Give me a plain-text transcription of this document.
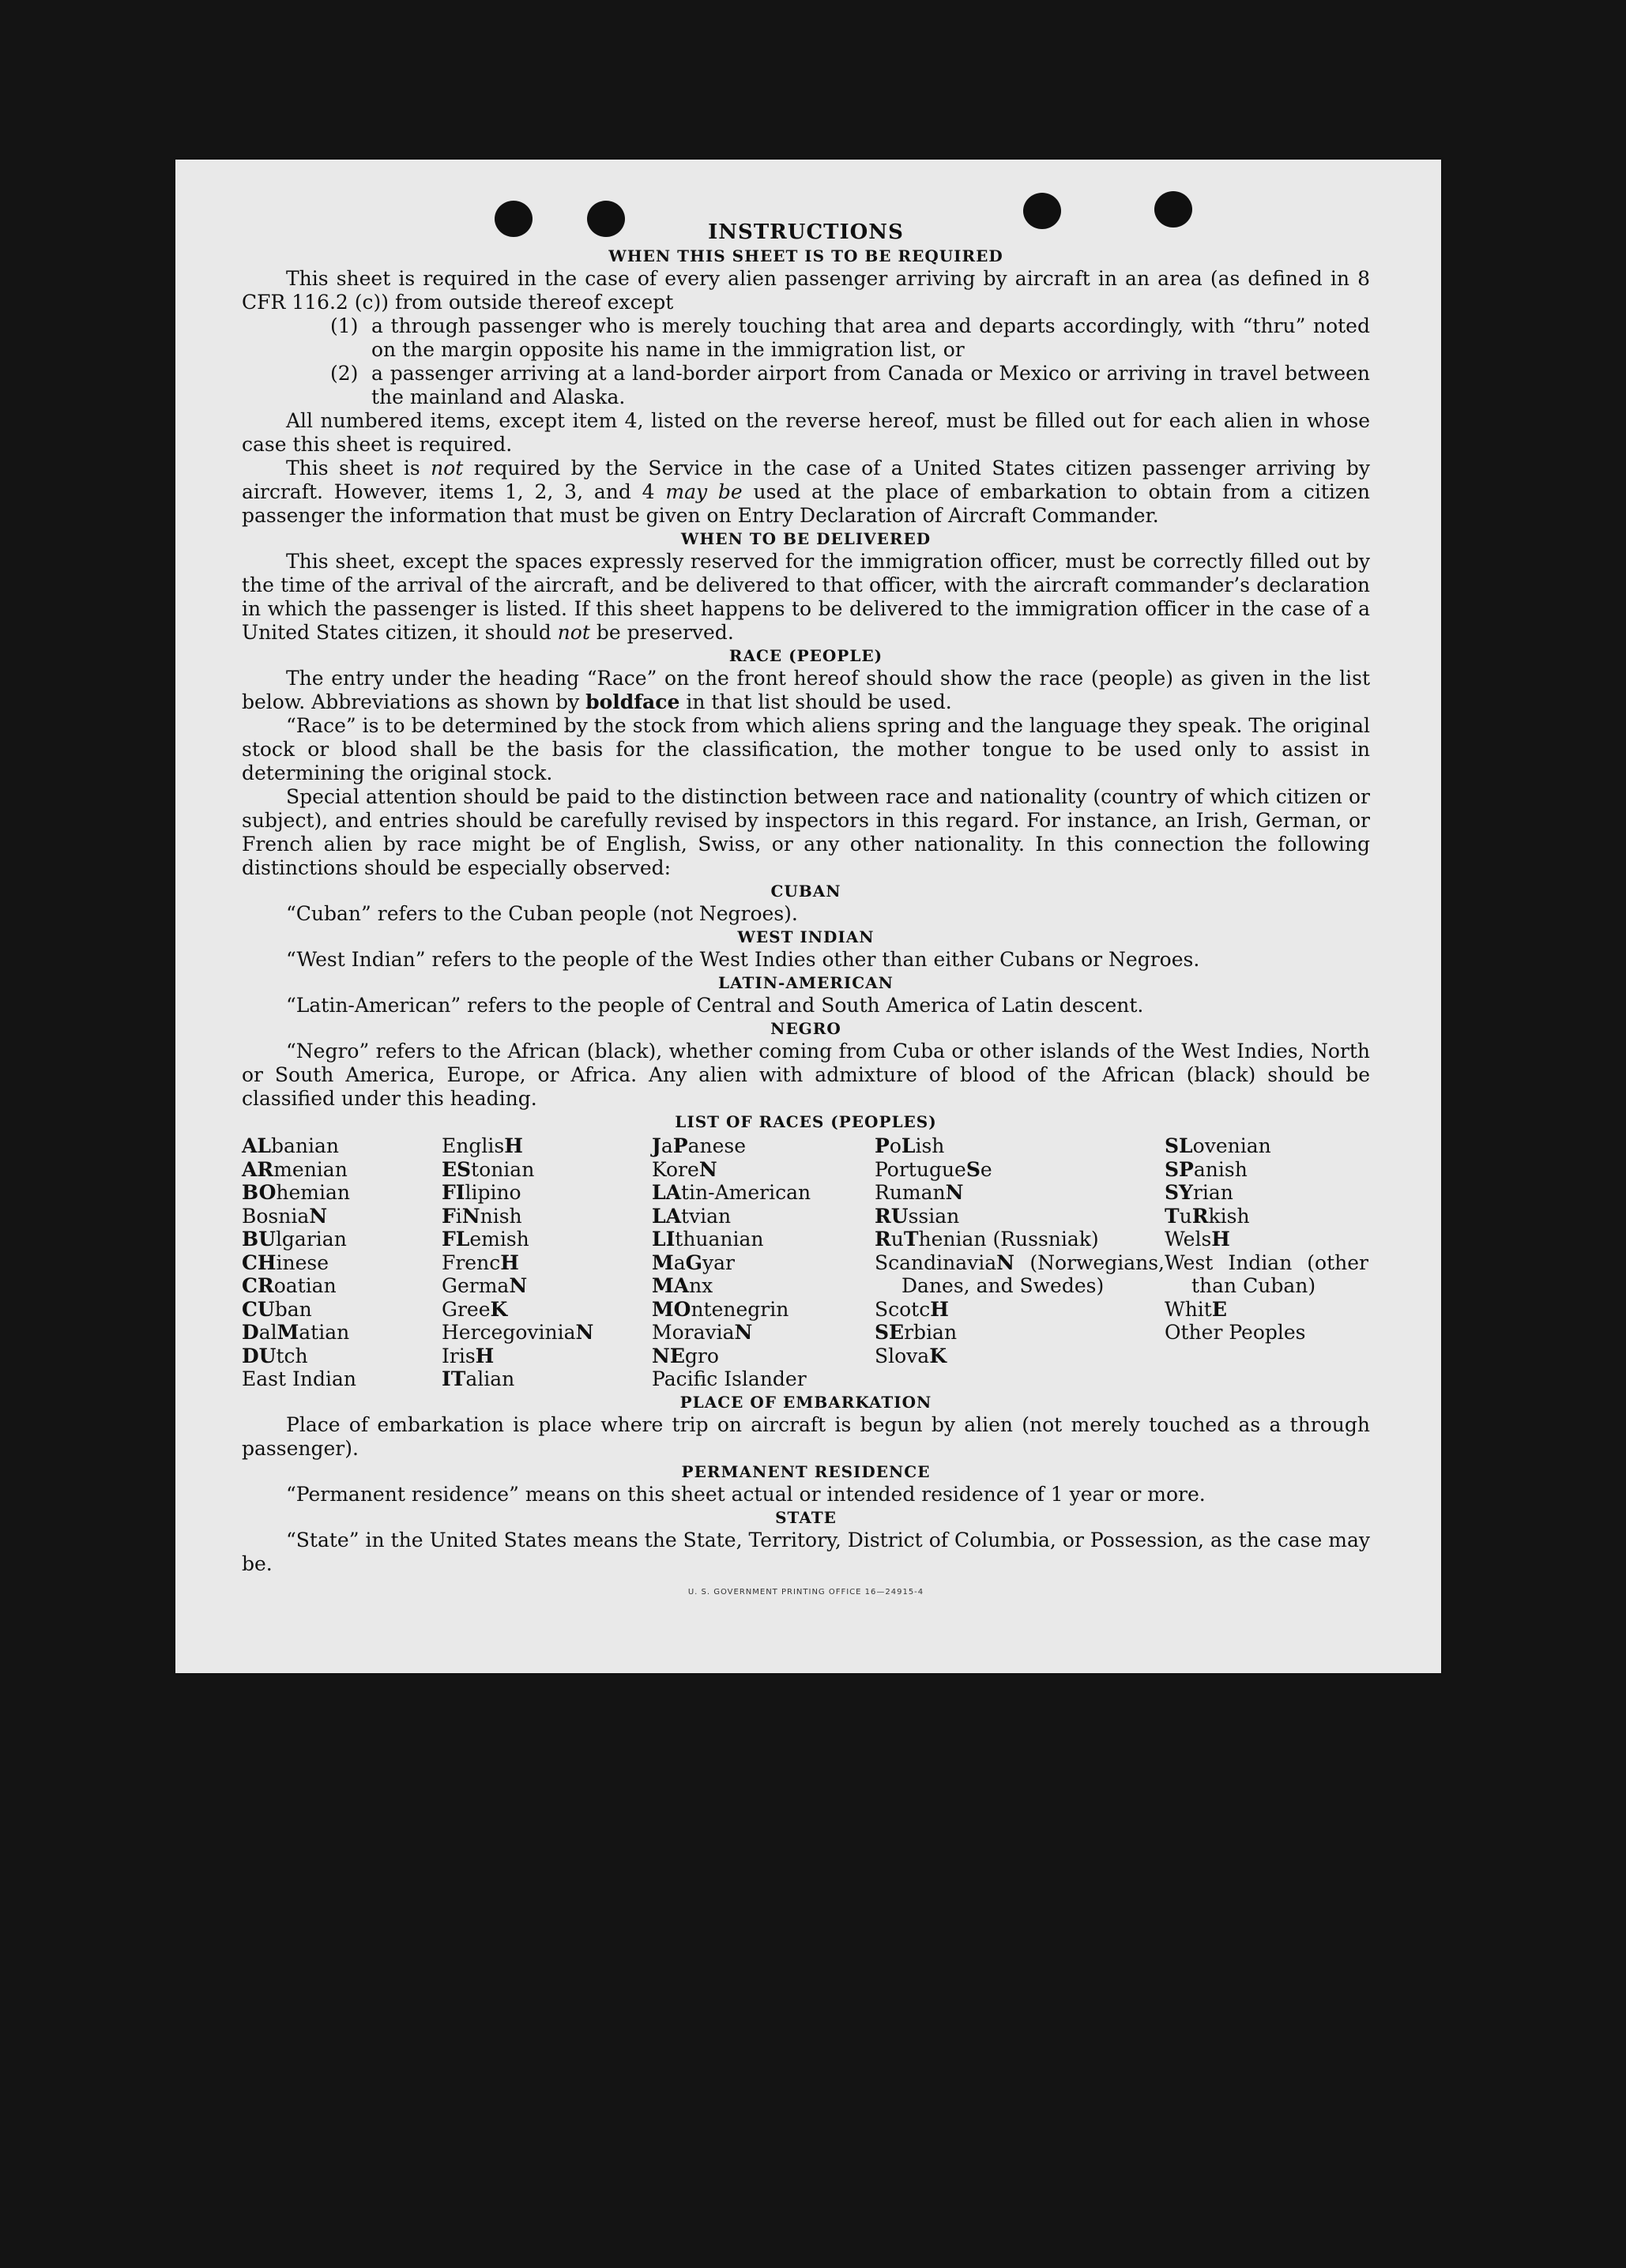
INSTRUCTIONS

WHEN THIS SHEET IS TO BE REQUIRED

This sheet is required in the case of every alien passenger arriving by aircraft in an area (as defined in 8 CFR 116.2 (c)) from outside thereof except

(1) a through passenger who is merely touching that area and departs accordingly, with “thru” noted on the margin opposite his name in the immigration list, or
(2) a passenger arriving at a land-border airport from Canada or Mexico or arriving in travel between the mainland and Alaska.

All numbered items, except item 4, listed on the reverse hereof, must be filled out for each alien in whose case this sheet is required.

This sheet is not required by the Service in the case of a United States citizen passenger arriving by aircraft. However, items 1, 2, 3, and 4 may be used at the place of embarkation to obtain from a citizen passenger the information that must be given on Entry Declaration of Aircraft Commander.

WHEN TO BE DELIVERED

This sheet, except the spaces expressly reserved for the immigration officer, must be correctly filled out by the time of the arrival of the aircraft, and be delivered to that officer, with the aircraft commander’s declaration in which the passenger is listed. If this sheet happens to be delivered to the immigration officer in the case of a United States citizen, it should not be preserved.

RACE (PEOPLE)

The entry under the heading “Race” on the front hereof should show the race (people) as given in the list below. Abbreviations as shown by boldface in that list should be used.

“Race” is to be determined by the stock from which aliens spring and the language they speak. The original stock or blood shall be the basis for the classification, the mother tongue to be used only to assist in determining the original stock.

Special attention should be paid to the distinction between race and nationality (country of which citizen or subject), and entries should be carefully revised by inspectors in this regard. For instance, an Irish, German, or French alien by race might be of English, Swiss, or any other nationality. In this connection the following distinctions should be especially observed:

CUBAN

“Cuban” refers to the Cuban people (not Negroes).

WEST INDIAN

“West Indian” refers to the people of the West Indies other than either Cubans or Negroes.

LATIN-AMERICAN

“Latin-American” refers to the people of Central and South America of Latin descent.

NEGRO

“Negro” refers to the African (black), whether coming from Cuba or other islands of the West Indies, North or South America, Europe, or Africa. Any alien with admixture of blood of the African (black) should be classified under this heading.

LIST OF RACES (PEOPLES)

ALbanian
ARmenian
BOhemian
BosniaN
BUlgarian
CHinese
CRoatian
CUban
DalMatian
DUtch
East Indian
EnglisH
EStonian
FIlipino
FiNnish
FLemish
FrencH
GermaN
GreeK
HercegoviniaN
IrisH
ITalian
JaPanese
KoreN
LAtin-American
LAtvian
LIthuanian
MaGyar
MAnx
MOntenegrin
MoraviaN
NEgro
Pacific Islander
PoLish
PortugueSe
RumanN
RUssian
RuThenian (Russniak)
ScandinaviaN (Norwegians, Danes, and Swedes)
ScotcH
SErbian
SlovaK
SLovenian
SPanish
SYrian
TuRkish
WelsH
West Indian (other than Cuban)
WhitE
Other Peoples

PLACE OF EMBARKATION

Place of embarkation is place where trip on aircraft is begun by alien (not merely touched as a through passenger).

PERMANENT RESIDENCE

“Permanent residence” means on this sheet actual or intended residence of 1 year or more.

STATE

“State” in the United States means the State, Territory, District of Columbia, or Possession, as the case may be.

U. S. GOVERNMENT PRINTING OFFICE 16—24915-4
